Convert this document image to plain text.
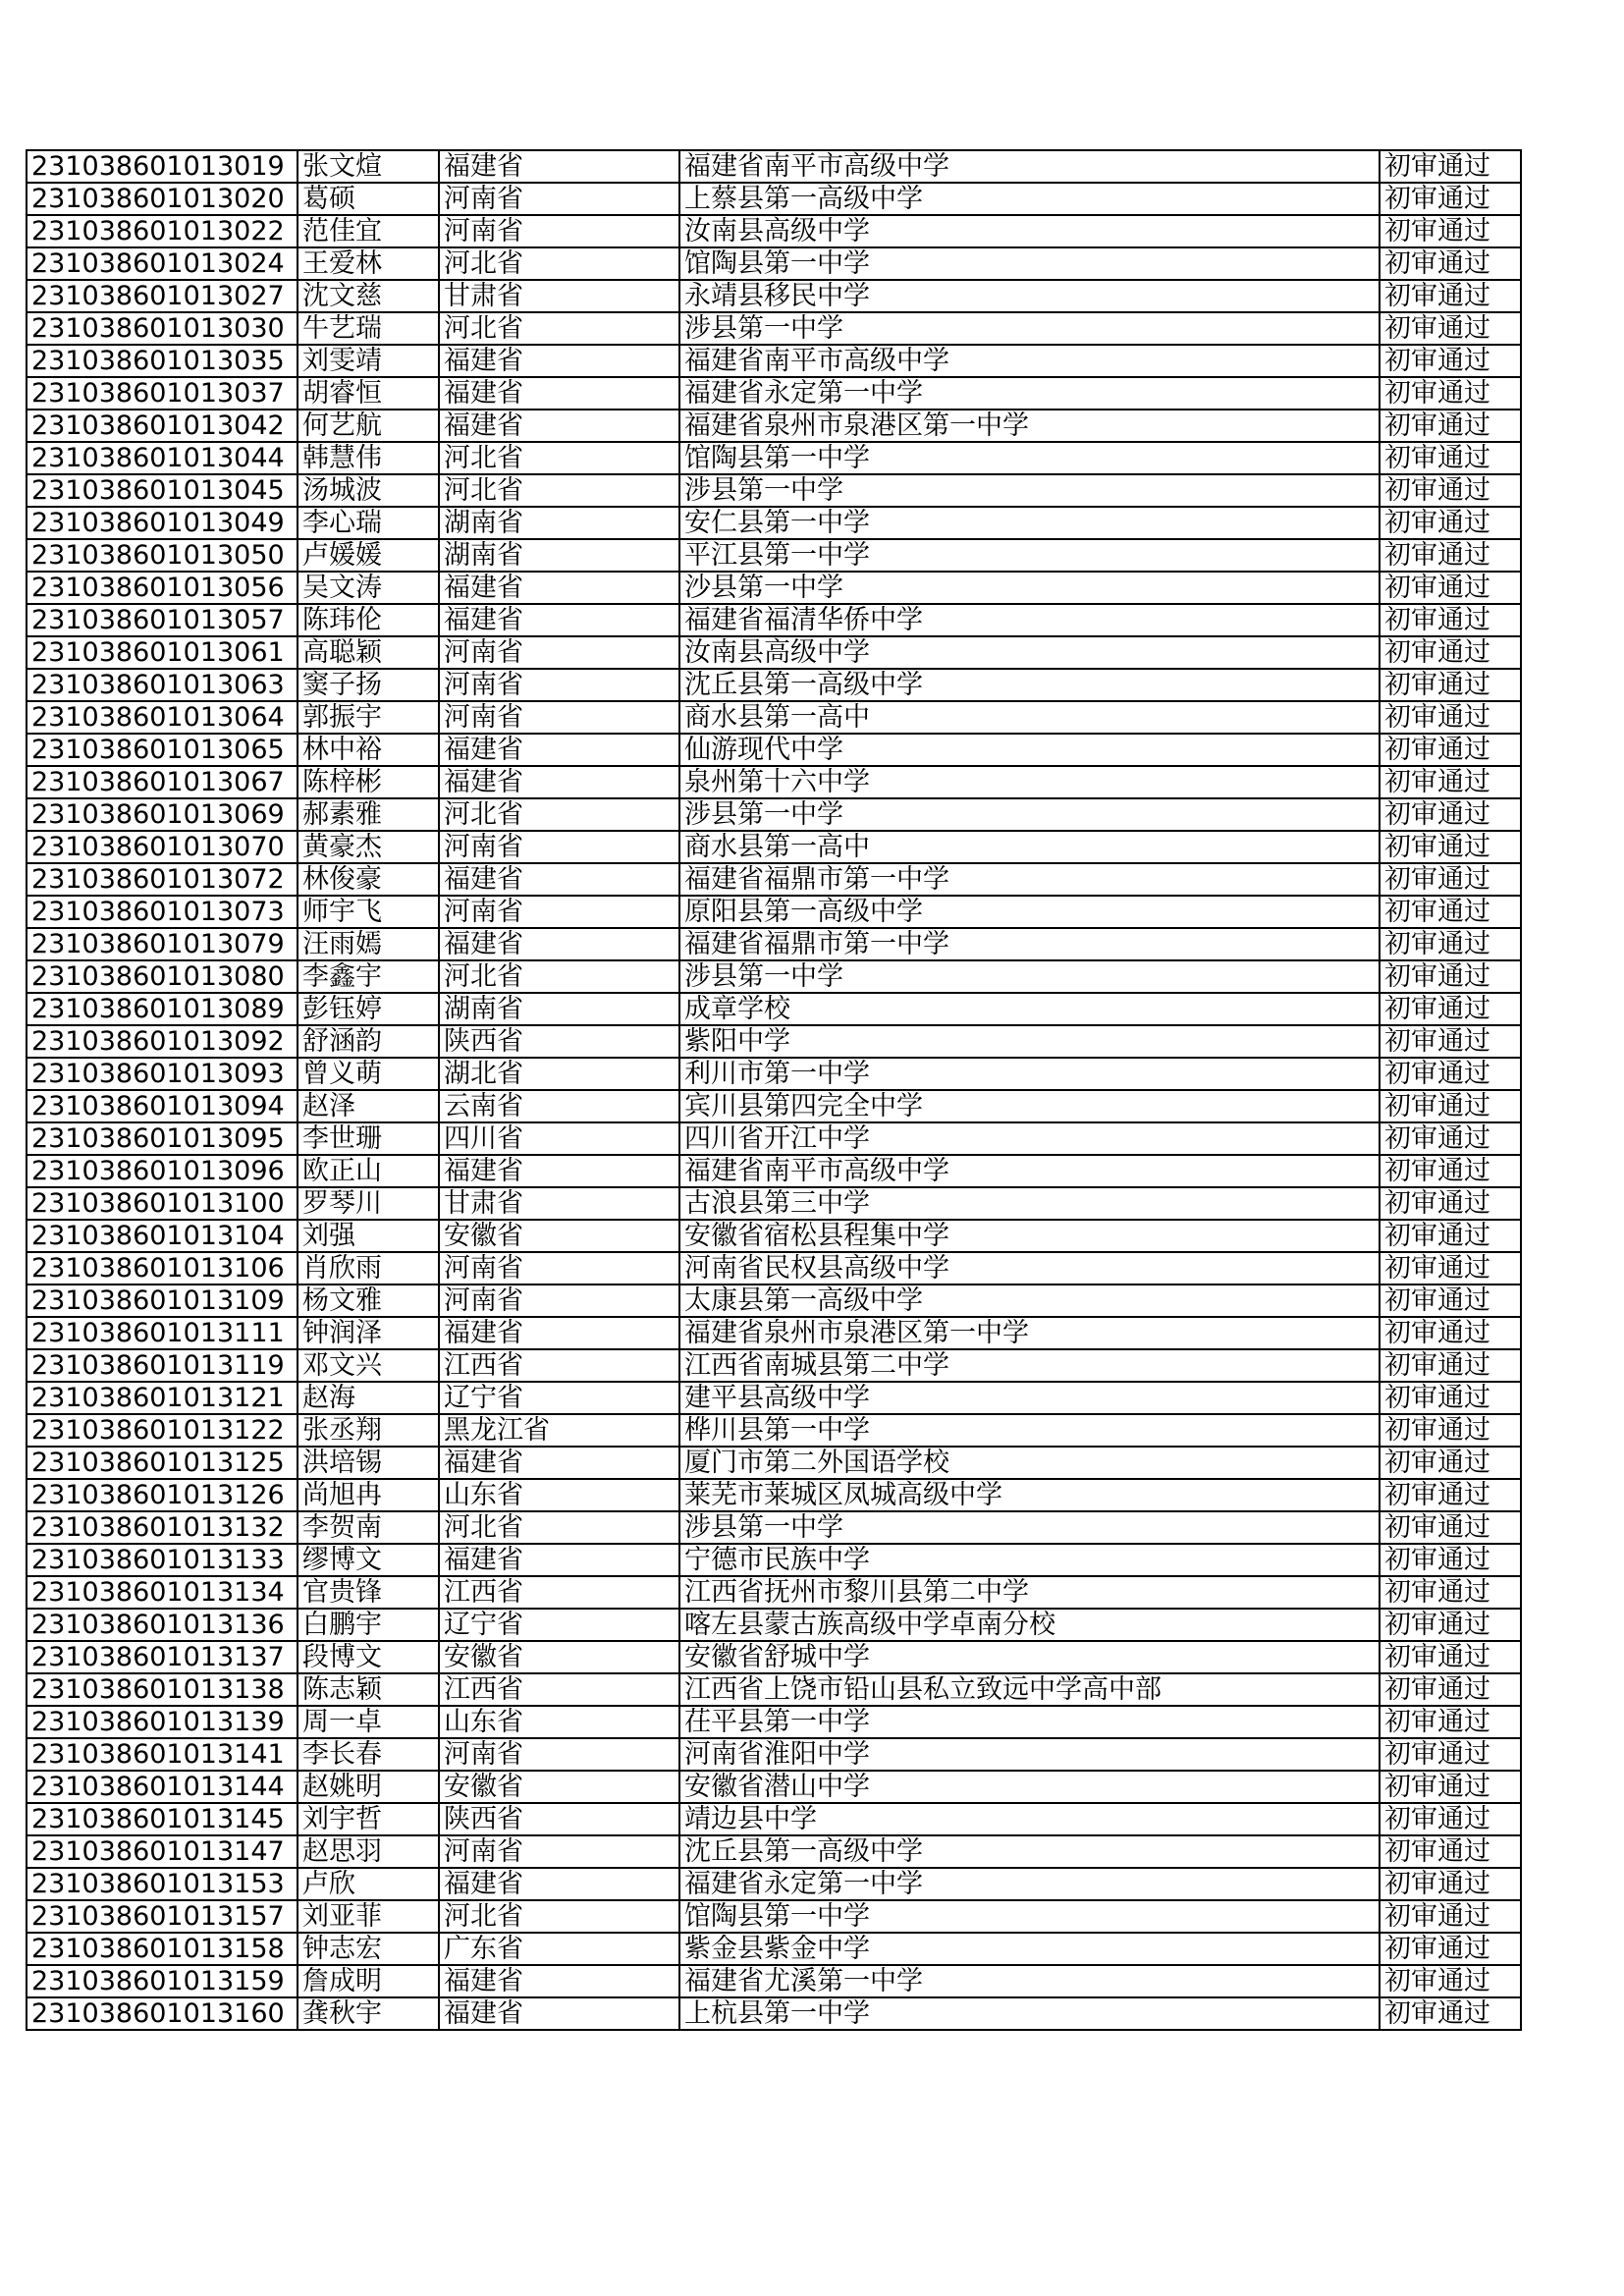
231038601013019	张文煊	福建省	福建省南平市高级中学	初审通过
231038601013020	葛硕	河南省	上蔡县第一高级中学	初审通过
231038601013022	范佳宜	河南省	汝南县高级中学	初审通过
231038601013024	王爱林	河北省	馆陶县第一中学	初审通过
231038601013027	沈文慈	甘肃省	永靖县移民中学	初审通过
231038601013030	牛艺瑞	河北省	涉县第一中学	初审通过
231038601013035	刘雯靖	福建省	福建省南平市高级中学	初审通过
231038601013037	胡睿恒	福建省	福建省永定第一中学	初审通过
231038601013042	何艺航	福建省	福建省泉州市泉港区第一中学	初审通过
231038601013044	韩慧伟	河北省	馆陶县第一中学	初审通过
231038601013045	汤城波	河北省	涉县第一中学	初审通过
231038601013049	李心瑞	湖南省	安仁县第一中学	初审通过
231038601013050	卢媛媛	湖南省	平江县第一中学	初审通过
231038601013056	吴文涛	福建省	沙县第一中学	初审通过
231038601013057	陈玮伦	福建省	福建省福清华侨中学	初审通过
231038601013061	高聪颖	河南省	汝南县高级中学	初审通过
231038601013063	窦子扬	河南省	沈丘县第一高级中学	初审通过
231038601013064	郭振宇	河南省	商水县第一高中	初审通过
231038601013065	林中裕	福建省	仙游现代中学	初审通过
231038601013067	陈梓彬	福建省	泉州第十六中学	初审通过
231038601013069	郝素雅	河北省	涉县第一中学	初审通过
231038601013070	黄豪杰	河南省	商水县第一高中	初审通过
231038601013072	林俊豪	福建省	福建省福鼎市第一中学	初审通过
231038601013073	师宇飞	河南省	原阳县第一高级中学	初审通过
231038601013079	汪雨嫣	福建省	福建省福鼎市第一中学	初审通过
231038601013080	李鑫宇	河北省	涉县第一中学	初审通过
231038601013089	彭钰婷	湖南省	成章学校	初审通过
231038601013092	舒涵韵	陕西省	紫阳中学	初审通过
231038601013093	曾义萌	湖北省	利川市第一中学	初审通过
231038601013094	赵泽	云南省	宾川县第四完全中学	初审通过
231038601013095	李世珊	四川省	四川省开江中学	初审通过
231038601013096	欧正山	福建省	福建省南平市高级中学	初审通过
231038601013100	罗琴川	甘肃省	古浪县第三中学	初审通过
231038601013104	刘强	安徽省	安徽省宿松县程集中学	初审通过
231038601013106	肖欣雨	河南省	河南省民权县高级中学	初审通过
231038601013109	杨文雅	河南省	太康县第一高级中学	初审通过
231038601013111	钟润泽	福建省	福建省泉州市泉港区第一中学	初审通过
231038601013119	邓文兴	江西省	江西省南城县第二中学	初审通过
231038601013121	赵海	辽宁省	建平县高级中学	初审通过
231038601013122	张丞翔	黑龙江省	桦川县第一中学	初审通过
231038601013125	洪培锡	福建省	厦门市第二外国语学校	初审通过
231038601013126	尚旭冉	山东省	莱芜市莱城区凤城高级中学	初审通过
231038601013132	李贺南	河北省	涉县第一中学	初审通过
231038601013133	缪博文	福建省	宁德市民族中学	初审通过
231038601013134	官贵锋	江西省	江西省抚州市黎川县第二中学	初审通过
231038601013136	白鹏宇	辽宁省	喀左县蒙古族高级中学卓南分校	初审通过
231038601013137	段博文	安徽省	安徽省舒城中学	初审通过
231038601013138	陈志颖	江西省	江西省上饶市铅山县私立致远中学高中部	初审通过
231038601013139	周一卓	山东省	茌平县第一中学	初审通过
231038601013141	李长春	河南省	河南省淮阳中学	初审通过
231038601013144	赵姚明	安徽省	安徽省潜山中学	初审通过
231038601013145	刘宇哲	陕西省	靖边县中学	初审通过
231038601013147	赵思羽	河南省	沈丘县第一高级中学	初审通过
231038601013153	卢欣	福建省	福建省永定第一中学	初审通过
231038601013157	刘亚菲	河北省	馆陶县第一中学	初审通过
231038601013158	钟志宏	广东省	紫金县紫金中学	初审通过
231038601013159	詹成明	福建省	福建省尤溪第一中学	初审通过
231038601013160	龚秋宇	福建省	上杭县第一中学	初审通过
